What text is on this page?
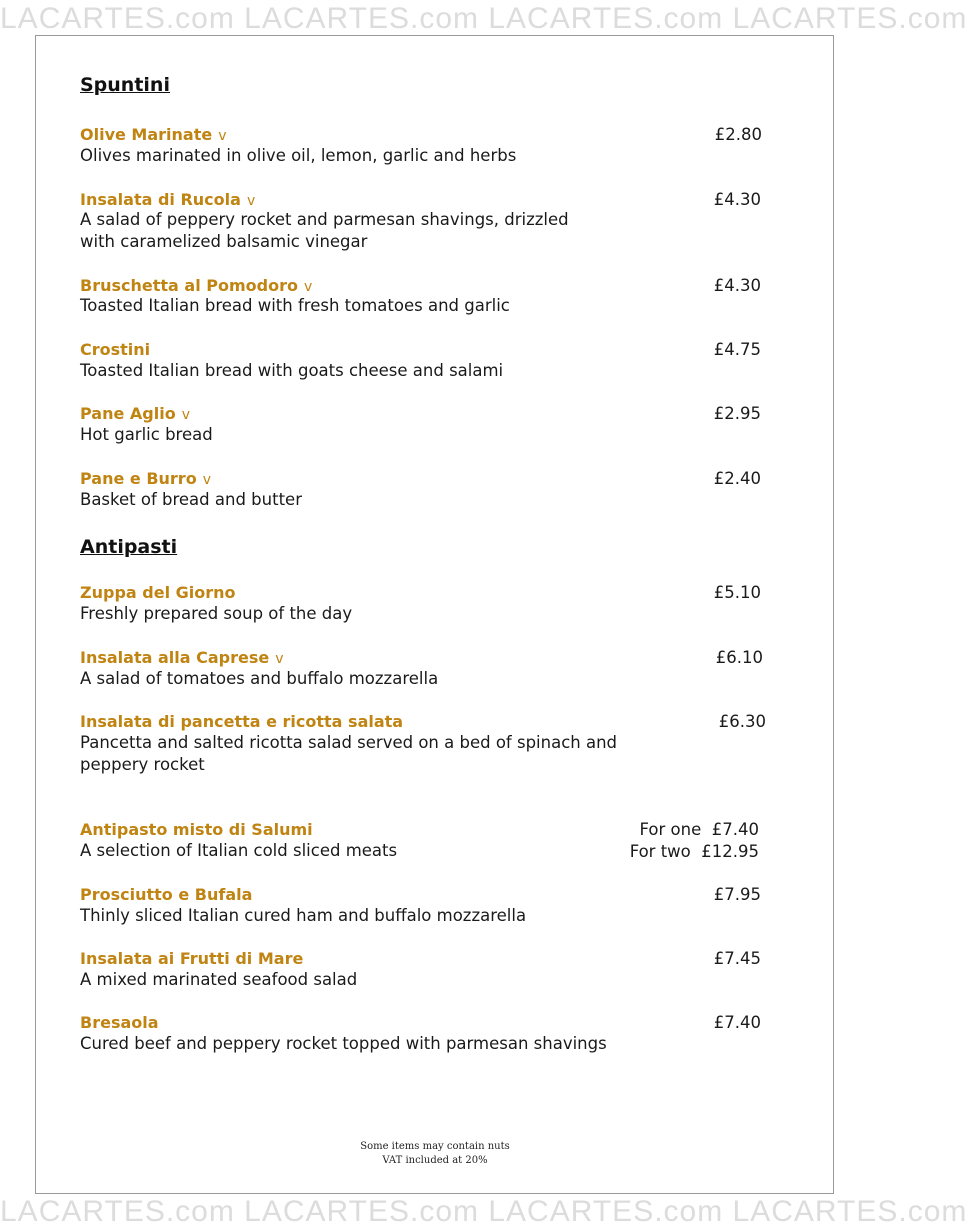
LACARTES.com LACARTES.com LACARTES.com LACARTES.com
LACARTES.com LACARTES.com LACARTES.com LACARTES.com
Spuntini
Olive Marinate v	£2.80
Olives marinated in olive oil, lemon, garlic and herbs
Insalata di Rucola v	£4.30
A salad of peppery rocket and parmesan shavings, drizzled with caramelized balsamic vinegar
Bruschetta al Pomodoro v	£4.30
Toasted Italian bread with fresh tomatoes and garlic
Crostini	£4.75
Toasted Italian bread with goats cheese and salami
Pane Aglio v	£2.95
Hot garlic bread
Pane e Burro v	£2.40
Basket of bread and butter
Antipasti
Zuppa del Giorno	£5.10
Freshly prepared soup of the day
Insalata alla Caprese v	£6.10
A salad of tomatoes and buffalo mozzarella
Insalata di pancetta e ricotta salata	£6.30
Pancetta and salted ricotta salad served on a bed of spinach and peppery rocket
Antipasto misto di Salumi	For one  £7.40
For two  £12.95
A selection of Italian cold sliced meats
Prosciutto e Bufala	£7.95
Thinly sliced Italian cured ham and buffalo mozzarella
Insalata ai Frutti di Mare	£7.45
A mixed marinated seafood salad
Bresaola	£7.40
Cured beef and peppery rocket topped with parmesan shavings
Some items may contain nuts
VAT included at 20%
